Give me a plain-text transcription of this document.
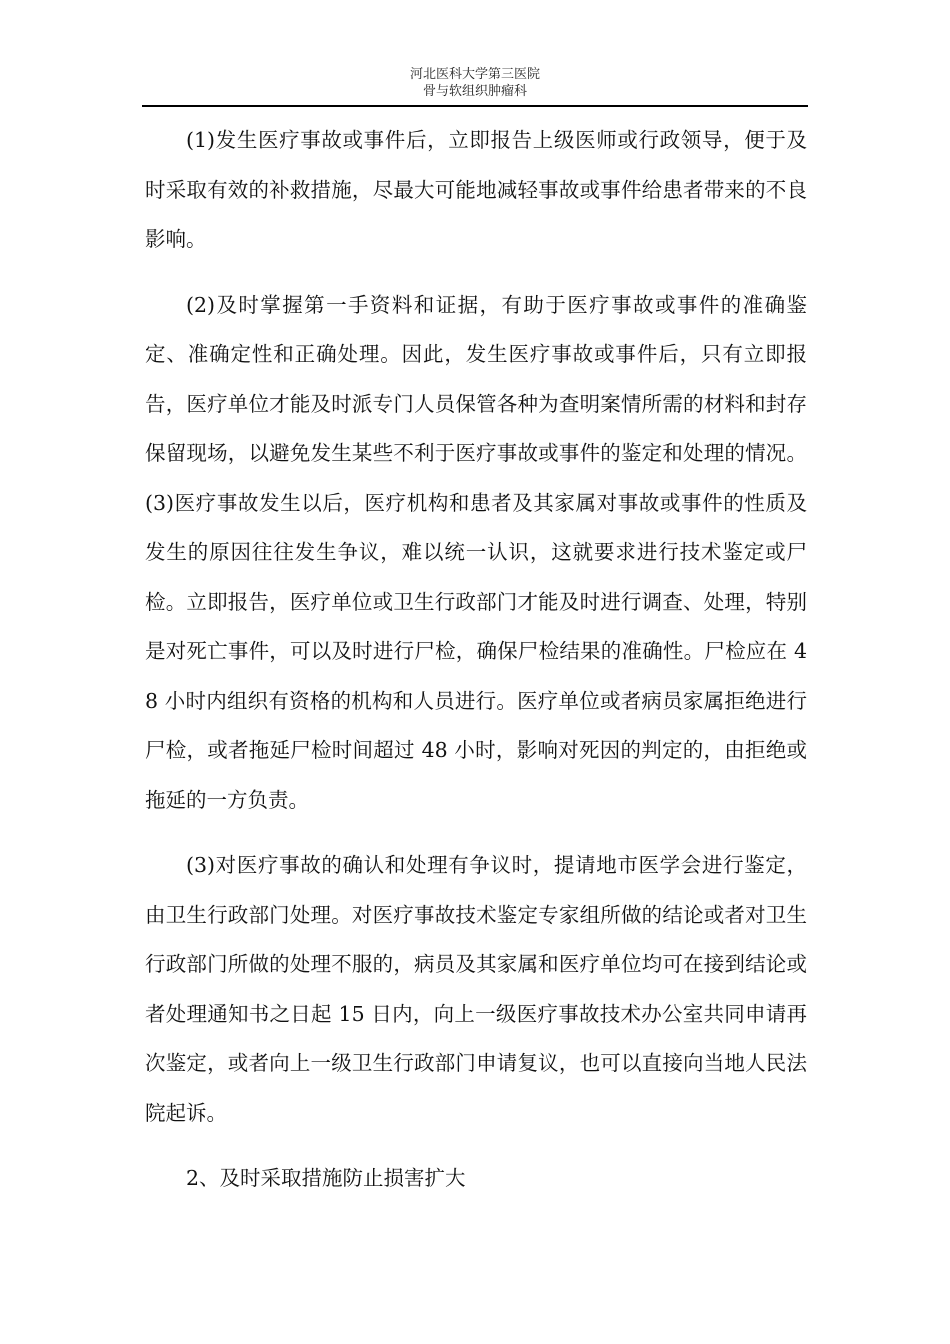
河北医科大学第三医院
骨与软组织肿瘤科

(1)发生医疗事故或事件后，立即报告上级医师或行政领导，便于及时采取有效的补救措施，尽最大可能地减轻事故或事件给患者带来的不良影响。

(2)及时掌握第一手资料和证据，有助于医疗事故或事件的准确鉴定、准确定性和正确处理。因此，发生医疗事故或事件后，只有立即报告，医疗单位才能及时派专门人员保管各种为查明案情所需的材料和封存保留现场，以避免发生某些不利于医疗事故或事件的鉴定和处理的情况。(3)医疗事故发生以后，医疗机构和患者及其家属对事故或事件的性质及发生的原因往往发生争议，难以统一认识，这就要求进行技术鉴定或尸检。立即报告，医疗单位或卫生行政部门才能及时进行调查、处理，特别是对死亡事件，可以及时进行尸检，确保尸检结果的准确性。尸检应在 48 小时内组织有资格的机构和人员进行。医疗单位或者病员家属拒绝进行尸检，或者拖延尸检时间超过 48 小时，影响对死因的判定的，由拒绝或拖延的一方负责。

(3)对医疗事故的确认和处理有争议时，提请地市医学会进行鉴定，由卫生行政部门处理。对医疗事故技术鉴定专家组所做的结论或者对卫生行政部门所做的处理不服的，病员及其家属和医疗单位均可在接到结论或者处理通知书之日起 15 日内，向上一级医疗事故技术办公室共同申请再次鉴定，或者向上一级卫生行政部门申请复议，也可以直接向当地人民法院起诉。

2、及时采取措施防止损害扩大
